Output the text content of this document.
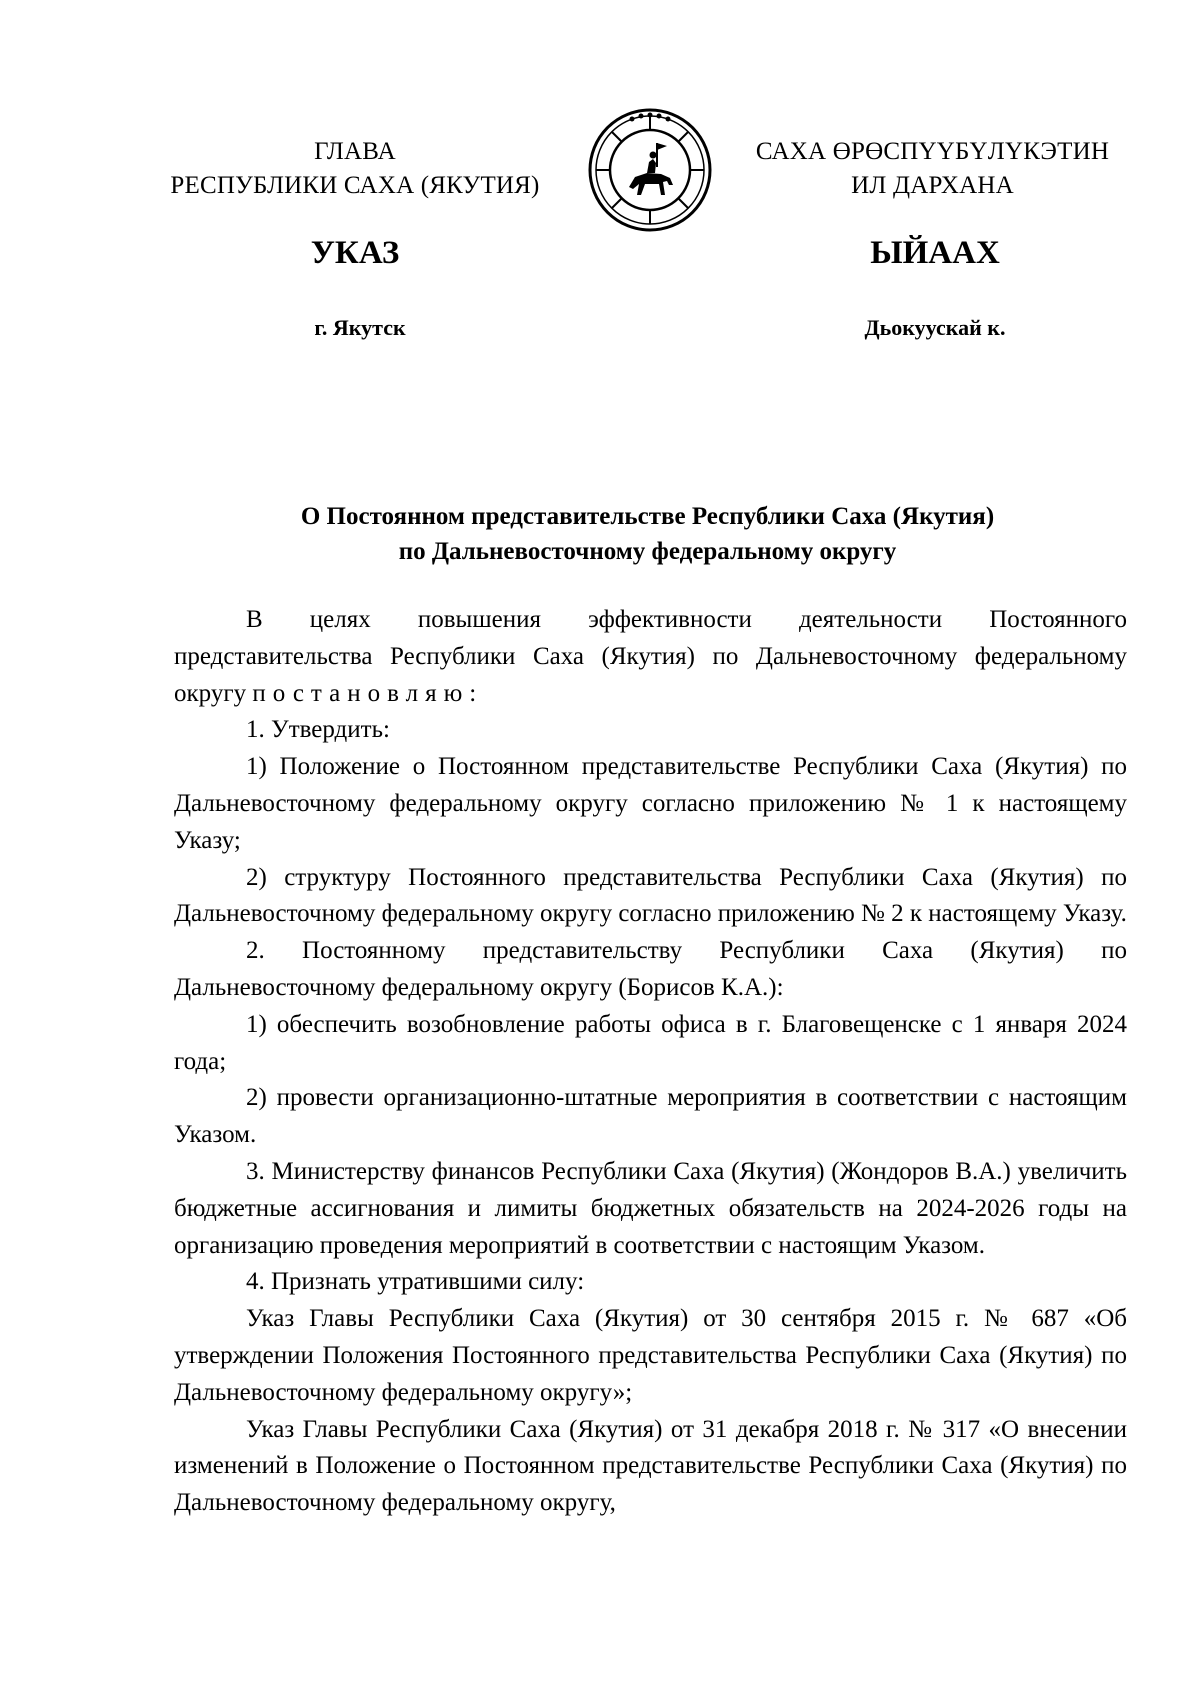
ГЛАВА
РЕСПУБЛИКИ САХА (ЯКУТИЯ)
САХА ӨРӨСПҮҮБҮЛҮКЭТИН
ИЛ ДАРХАНА
УКАЗ	ЫЙААХ
г. Якутск	Дьокуускай к.
О Постоянном представительстве Республики Саха (Якутия)
по Дальневосточному федеральному округу

В целях повышения эффективности деятельности Постоянного представительства Республики Саха (Якутия) по Дальневосточному федеральному округу постановляю:

1. Утвердить:

1) Положение о Постоянном представительстве Республики Саха (Якутия) по Дальневосточному федеральному округу согласно приложению № 1 к настоящему Указу;

2) структуру Постоянного представительства Республики Саха (Якутия) по Дальневосточному федеральному округу согласно приложению № 2 к настоящему Указу.

2. Постоянному представительству Республики Саха (Якутия) по Дальневосточному федеральному округу (Борисов К.А.):

1) обеспечить возобновление работы офиса в г. Благовещенске с 1 января 2024 года;

2) провести организационно-штатные мероприятия в соответствии с настоящим Указом.

3. Министерству финансов Республики Саха (Якутия) (Жондоров В.А.) увеличить бюджетные ассигнования и лимиты бюджетных обязательств на 2024-2026 годы на организацию проведения мероприятий в соответствии с настоящим Указом.

4. Признать утратившими силу:

Указ Главы Республики Саха (Якутия) от 30 сентября 2015 г. № 687 «Об утверждении Положения Постоянного представительства Республики Саха (Якутия) по Дальневосточному федеральному округу»;

Указ Главы Республики Саха (Якутия) от 31 декабря 2018 г. № 317 «О внесении изменений в Положение о Постоянном представительстве Республики Саха (Якутия) по Дальневосточному федеральному округу,
